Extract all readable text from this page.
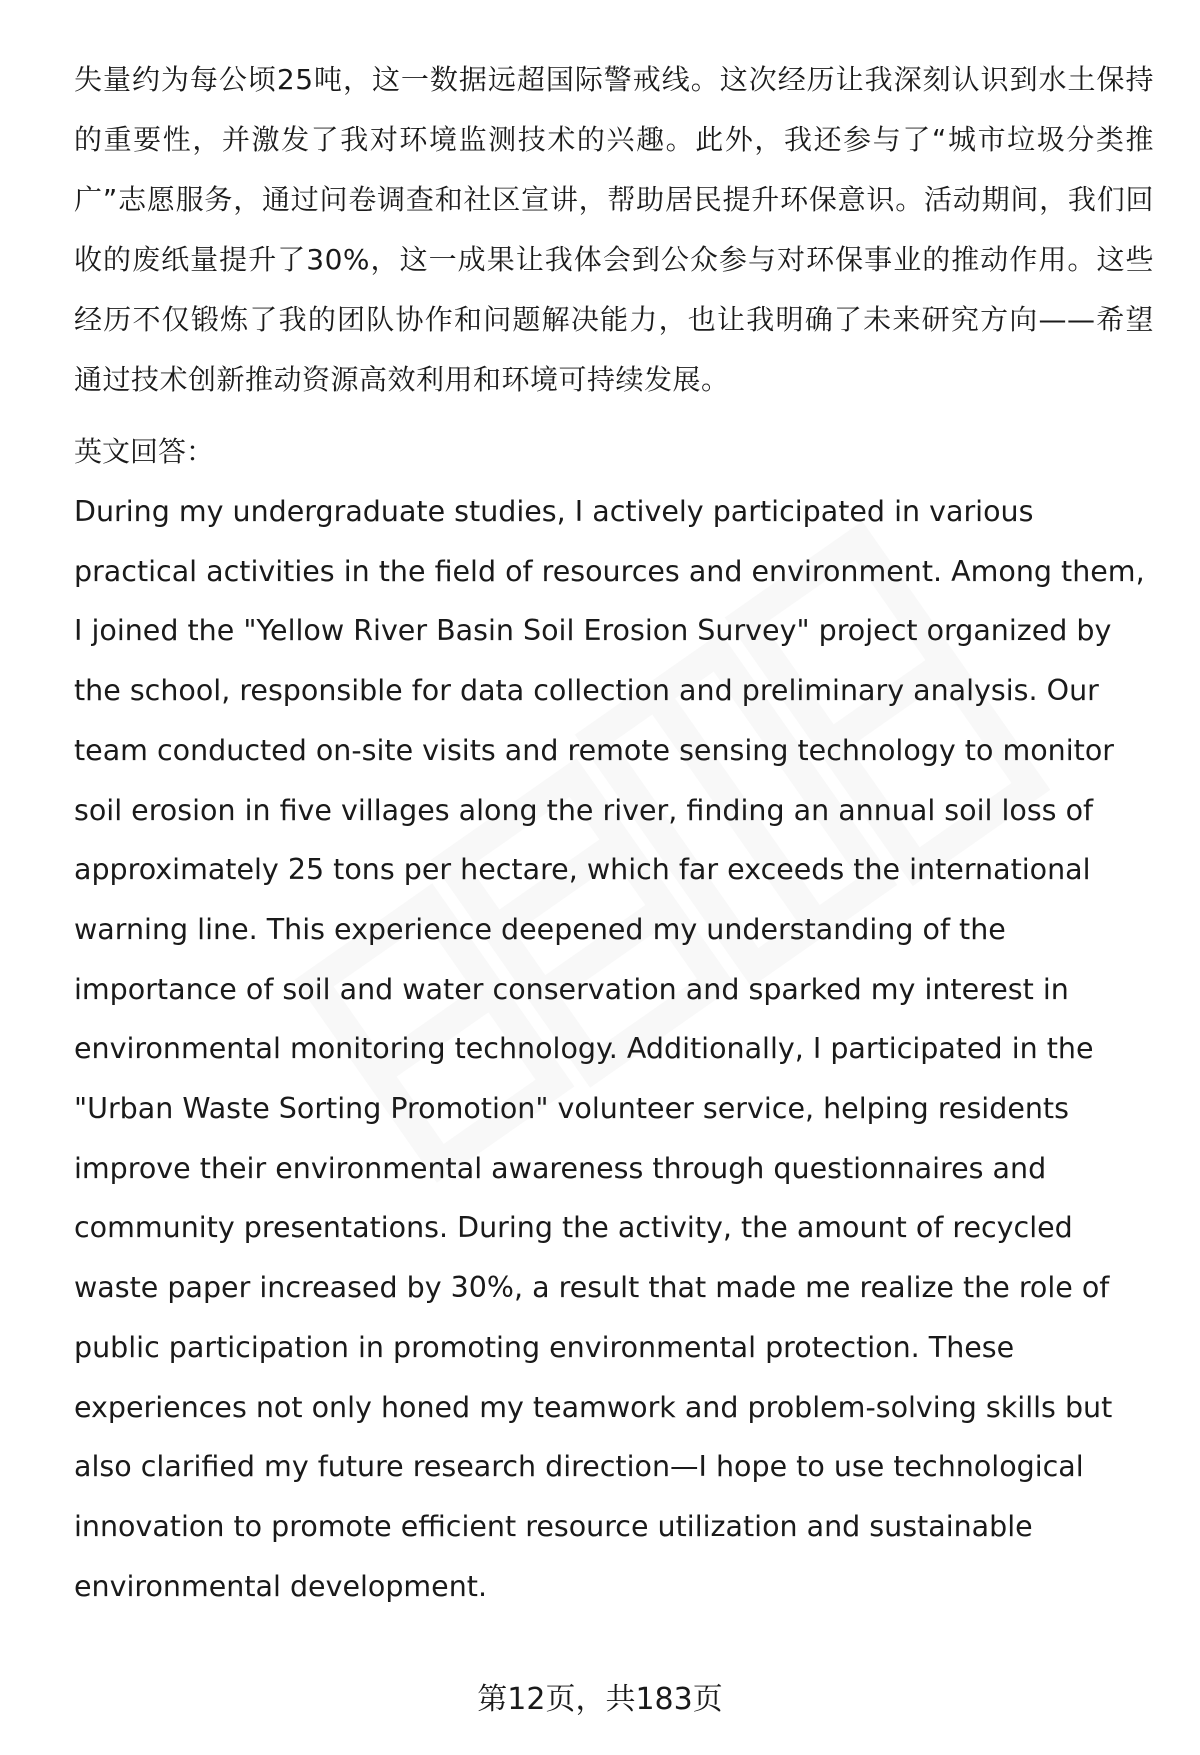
失量约为每公顷25吨，这一数据远超国际警戒线。这次经历让我深刻认识到水土保持的重要性，并激发了我对环境监测技术的兴趣。此外，我还参与了“城市垃圾分类推广”志愿服务，通过问卷调查和社区宣讲，帮助居民提升环保意识。活动期间，我们回收的废纸量提升了30%，这一成果让我体会到公众参与对环保事业的推动作用。这些经历不仅锻炼了我的团队协作和问题解决能力，也让我明确了未来研究方向——希望通过技术创新推动资源高效利用和环境可持续发展。

英文回答：

During my undergraduate studies, I actively participated in various practical activities in the field of resources and environment. Among them, I joined the "Yellow River Basin Soil Erosion Survey" project organized by the school, responsible for data collection and preliminary analysis. Our team conducted on-site visits and remote sensing technology to monitor soil erosion in five villages along the river, finding an annual soil loss of approximately 25 tons per hectare, which far exceeds the international warning line. This experience deepened my understanding of the importance of soil and water conservation and sparked my interest in environmental monitoring technology. Additionally, I participated in the "Urban Waste Sorting Promotion" volunteer service, helping residents improve their environmental awareness through questionnaires and community presentations. During the activity, the amount of recycled waste paper increased by 30%, a result that made me realize the role of public participation in promoting environmental protection. These experiences not only honed my teamwork and problem-solving skills but also clarified my future research direction—I hope to use technological innovation to promote efficient resource utilization and sustainable environmental development.

第12页，共183页
